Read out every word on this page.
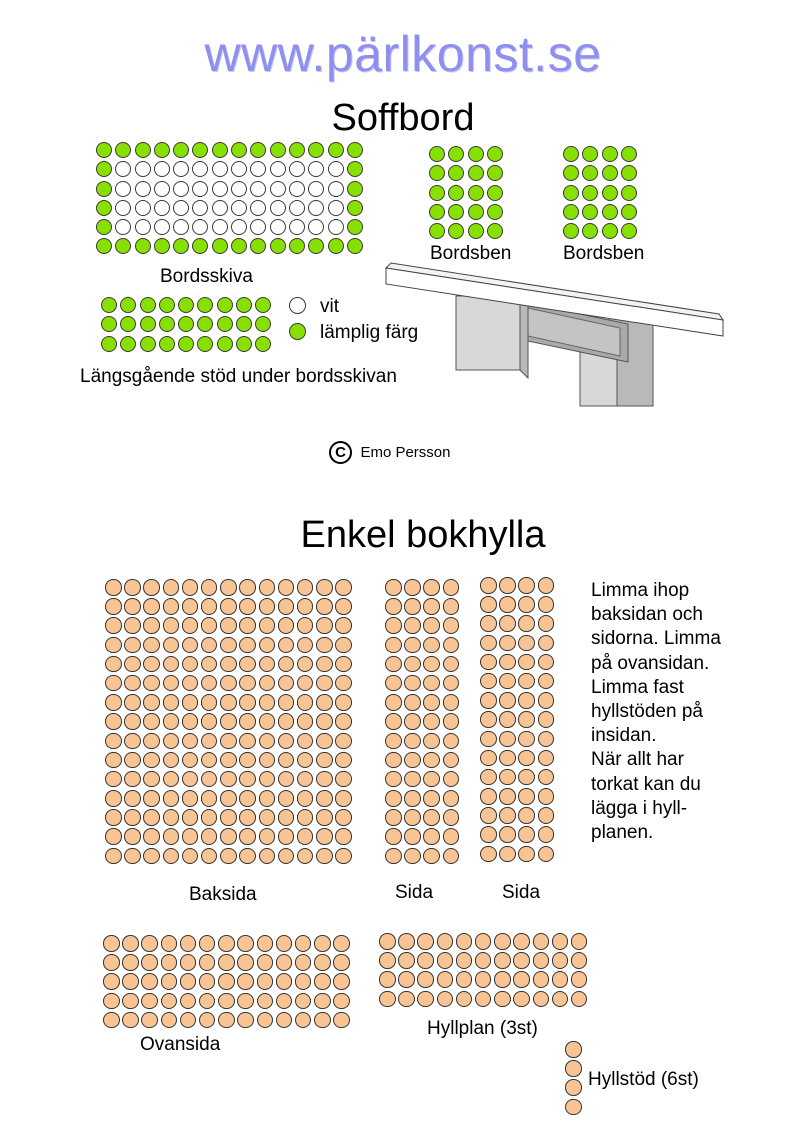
www.pärlkonst.se
Soffbord
Bordsskiva
Bordsben	Bordsben
Längsgående stöd under bordsskivan
vit
lämplig färg
C Emo Persson
Enkel bokhylla
Baksida	Sida	Sida
Limma ihop
baksidan och
sidorna. Limma
på ovansidan.
Limma fast
hyllstöden på
insidan.
När allt har
torkat kan du
lägga i hyll-
planen.
Ovansida
Hyllplan (3st)
Hyllstöd (6st)
